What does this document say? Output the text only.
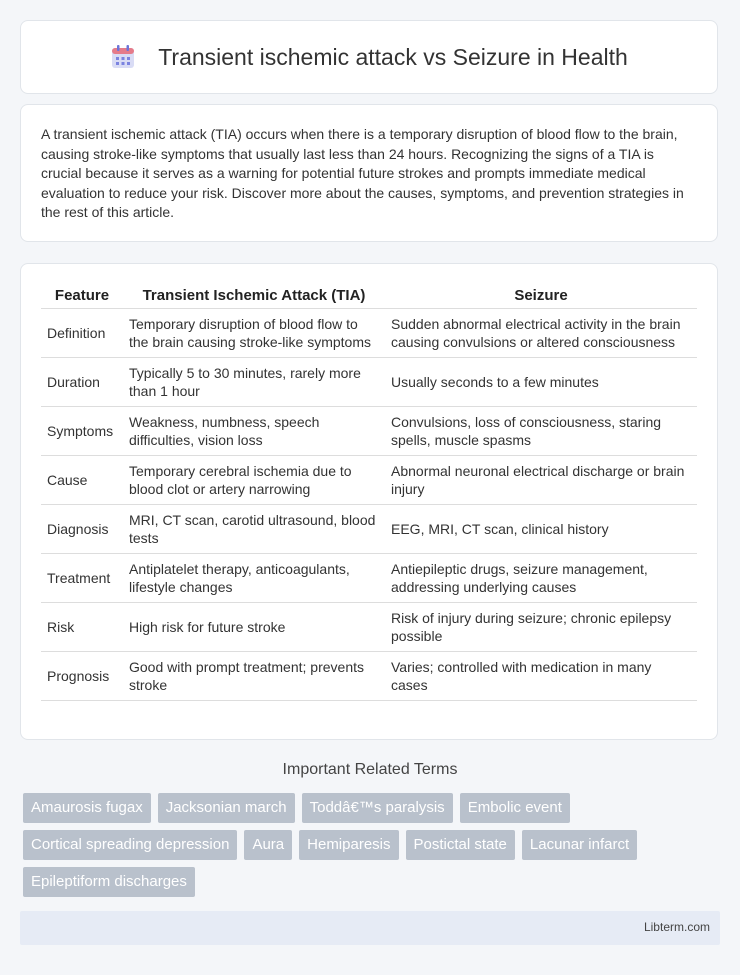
Transient ischemic attack vs Seizure in Health

A transient ischemic attack (TIA) occurs when there is a temporary disruption of blood flow to the brain, causing stroke-like symptoms that usually last less than 24 hours. Recognizing the signs of a TIA is crucial because it serves as a warning for potential future strokes and prompts immediate medical evaluation to reduce your risk. Discover more about the causes, symptoms, and prevention strategies in the rest of this article.

Feature	Transient Ischemic Attack (TIA)	Seizure
Definition	Temporary disruption of blood flow to the brain causing stroke-like symptoms	Sudden abnormal electrical activity in the brain causing convulsions or altered consciousness
Duration	Typically 5 to 30 minutes, rarely more than 1 hour	Usually seconds to a few minutes
Symptoms	Weakness, numbness, speech difficulties, vision loss	Convulsions, loss of consciousness, staring spells, muscle spasms
Cause	Temporary cerebral ischemia due to blood clot or artery narrowing	Abnormal neuronal electrical discharge or brain injury
Diagnosis	MRI, CT scan, carotid ultrasound, blood tests	EEG, MRI, CT scan, clinical history
Treatment	Antiplatelet therapy, anticoagulants, lifestyle changes	Antiepileptic drugs, seizure management, addressing underlying causes
Risk	High risk for future stroke	Risk of injury during seizure; chronic epilepsy possible
Prognosis	Good with prompt treatment; prevents stroke	Varies; controlled with medication in many cases
Important Related Terms
Amaurosis fugax	Jacksonian march	Toddâ€™s paralysis	Embolic event
Cortical spreading depression	Aura	Hemiparesis	Postictal state	Lacunar infarct
Epileptiform discharges
Libterm.com
